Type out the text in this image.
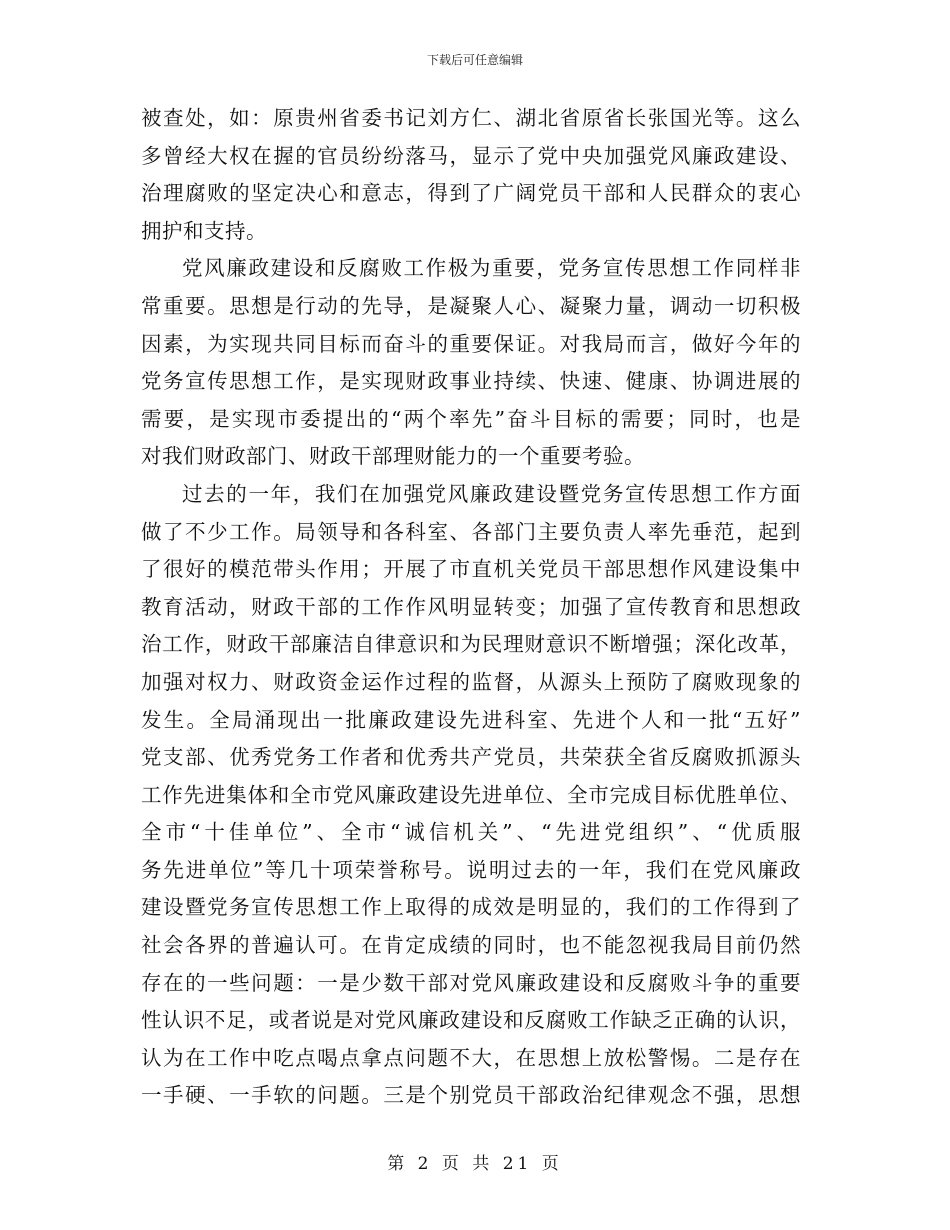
下载后可任意编辑

被查处，如：原贵州省委书记刘方仁、湖北省原省长张国光等。这么
多曾经大权在握的官员纷纷落马，显示了党中央加强党风廉政建设、
治理腐败的坚定决心和意志，得到了广阔党员干部和人民群众的衷心
拥护和支持。

党风廉政建设和反腐败工作极为重要，党务宣传思想工作同样非
常重要。思想是行动的先导，是凝聚人心、凝聚力量，调动一切积极
因素，为实现共同目标而奋斗的重要保证。对我局而言，做好今年的
党务宣传思想工作，是实现财政事业持续、快速、健康、协调进展的
需要，是实现市委提出的“两个率先”奋斗目标的需要；同时，也是
对我们财政部门、财政干部理财能力的一个重要考验。

过去的一年，我们在加强党风廉政建设暨党务宣传思想工作方面
做了不少工作。局领导和各科室、各部门主要负责人率先垂范，起到
了很好的模范带头作用；开展了市直机关党员干部思想作风建设集中
教育活动，财政干部的工作作风明显转变；加强了宣传教育和思想政
治工作，财政干部廉洁自律意识和为民理财意识不断增强；深化改革，
加强对权力、财政资金运作过程的监督，从源头上预防了腐败现象的
发生。全局涌现出一批廉政建设先进科室、先进个人和一批“五好”
党支部、优秀党务工作者和优秀共产党员，共荣获全省反腐败抓源头
工作先进集体和全市党风廉政建设先进单位、全市完成目标优胜单位、
全市“十佳单位”、全市“诚信机关”、“先进党组织”、“优质服
务先进单位”等几十项荣誉称号。说明过去的一年，我们在党风廉政
建设暨党务宣传思想工作上取得的成效是明显的，我们的工作得到了
社会各界的普遍认可。在肯定成绩的同时，也不能忽视我局目前仍然
存在的一些问题：一是少数干部对党风廉政建设和反腐败斗争的重要
性认识不足，或者说是对党风廉政建设和反腐败工作缺乏正确的认识，
认为在工作中吃点喝点拿点问题不大，在思想上放松警惕。二是存在
一手硬、一手软的问题。三是个别党员干部政治纪律观念不强，思想

第 2 页 共 21 页
